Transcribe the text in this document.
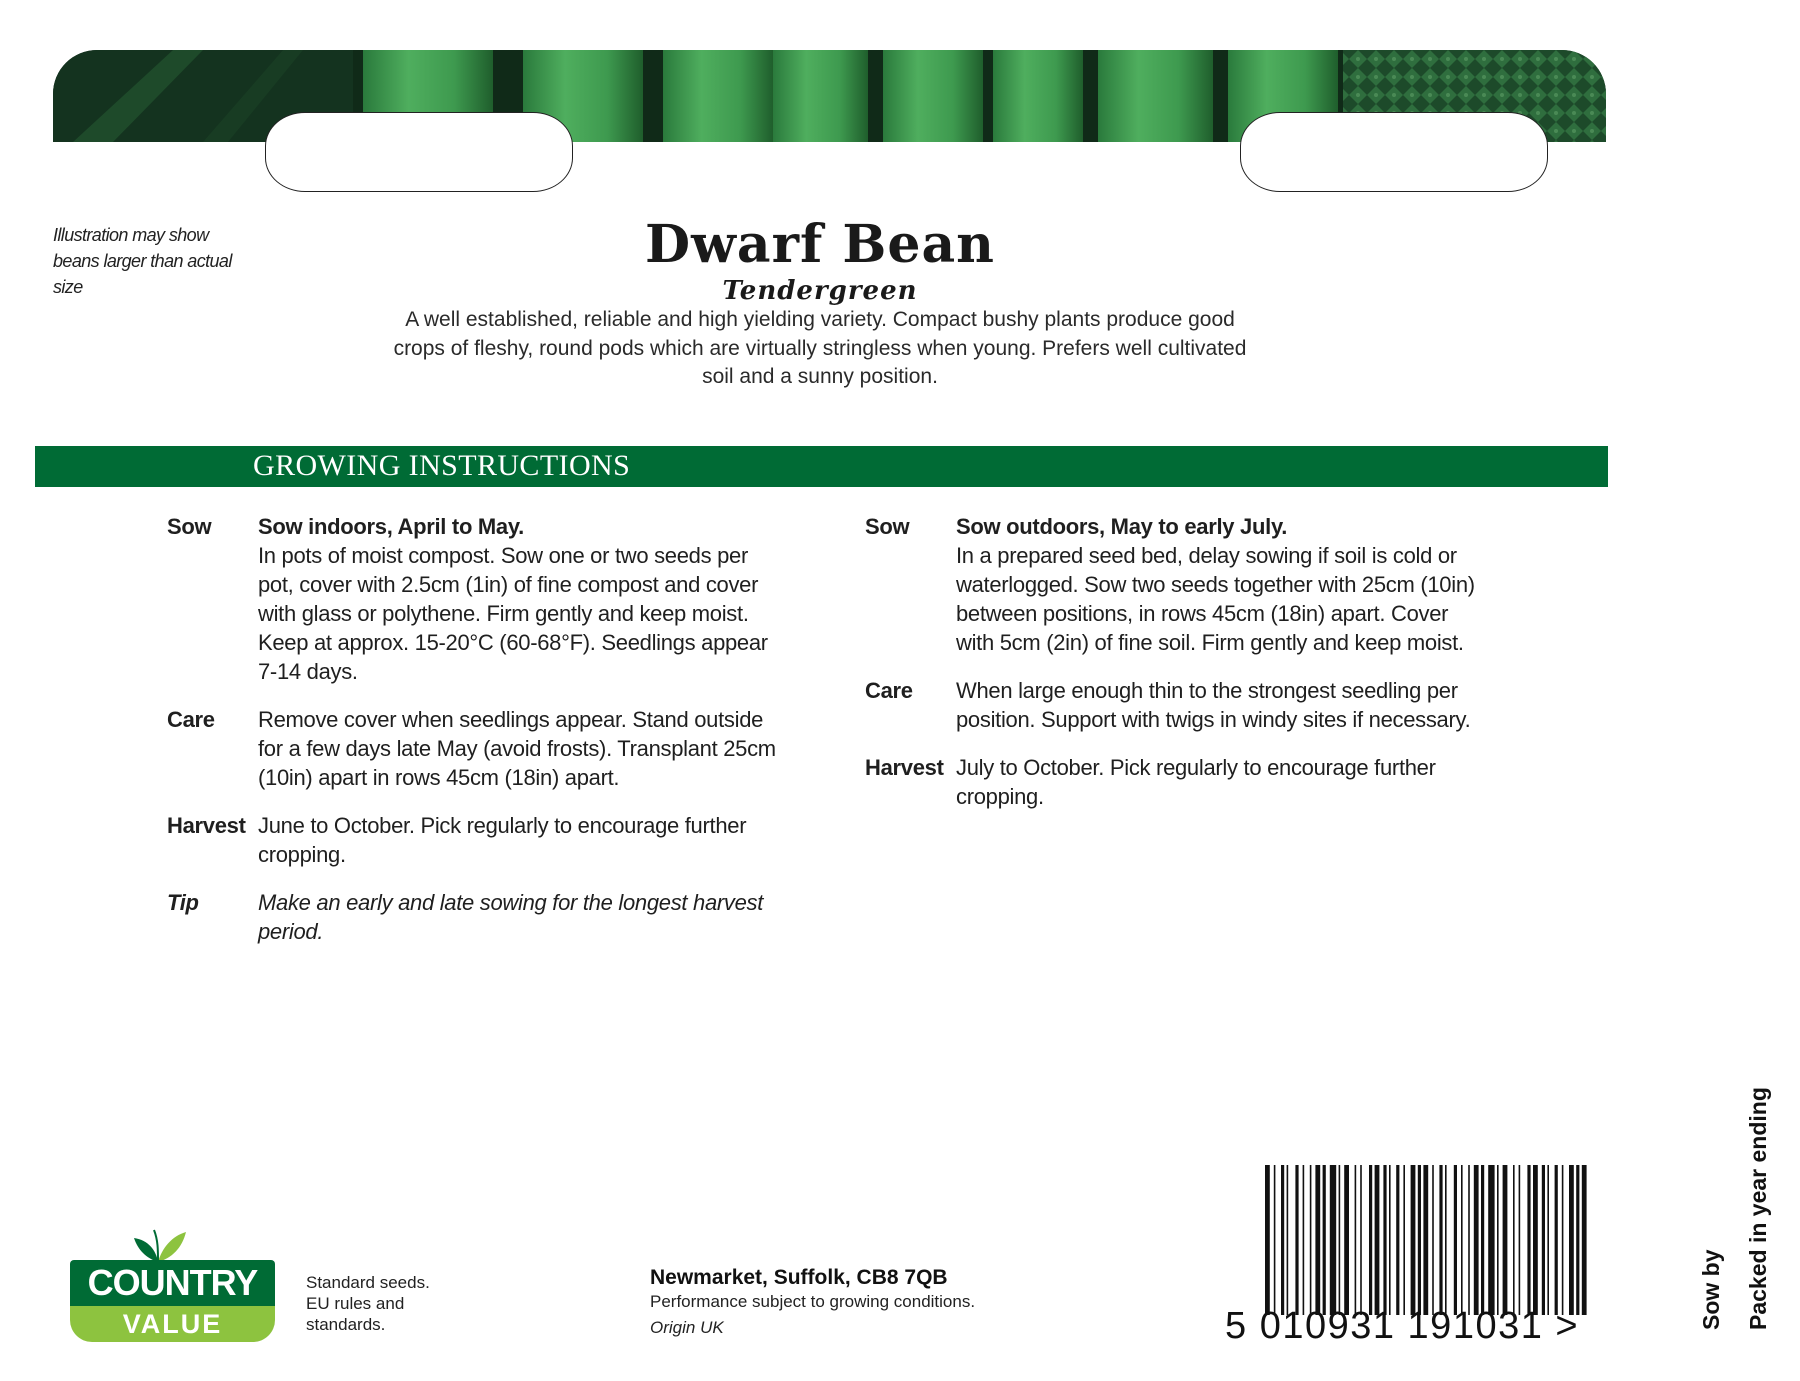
Illustration may show beans larger than actual size
Dwarf Bean
Tendergreen
A well established, reliable and high yielding variety. Compact bushy plants produce good crops of fleshy, round pods which are virtually stringless when young. Prefers well cultivated soil and a sunny position.
GROWING INSTRUCTIONS
Sow	Sow indoors, April to May.
In pots of moist compost. Sow one or two seeds per pot, cover with 2.5cm (1in) of fine compost and cover with glass or polythene. Firm gently and keep moist. Keep at approx. 15-20°C (60-68°F). Seedlings appear 7-14 days.
Care	Remove cover when seedlings appear. Stand outside for a few days late May (avoid frosts). Transplant 25cm (10in) apart in rows 45cm (18in) apart.
Harvest June to October. Pick regularly to encourage further cropping.
Tip	Make an early and late sowing for the longest harvest period.
Sow	Sow outdoors, May to early July.
In a prepared seed bed, delay sowing if soil is cold or waterlogged. Sow two seeds together with 25cm (10in) between positions, in rows 45cm (18in) apart. Cover with 5cm (2in) of fine soil. Firm gently and keep moist.
Care	When large enough thin to the strongest seedling per position. Support with twigs in windy sites if necessary.
Harvest July to October. Pick regularly to encourage further cropping.
COUNTRY
VALUE
Standard seeds. EU rules and standards.
Newmarket, Suffolk, CB8 7QB
Performance subject to growing conditions.
Origin UK	5 010931 191031 >	Sow by Packed in year ending
